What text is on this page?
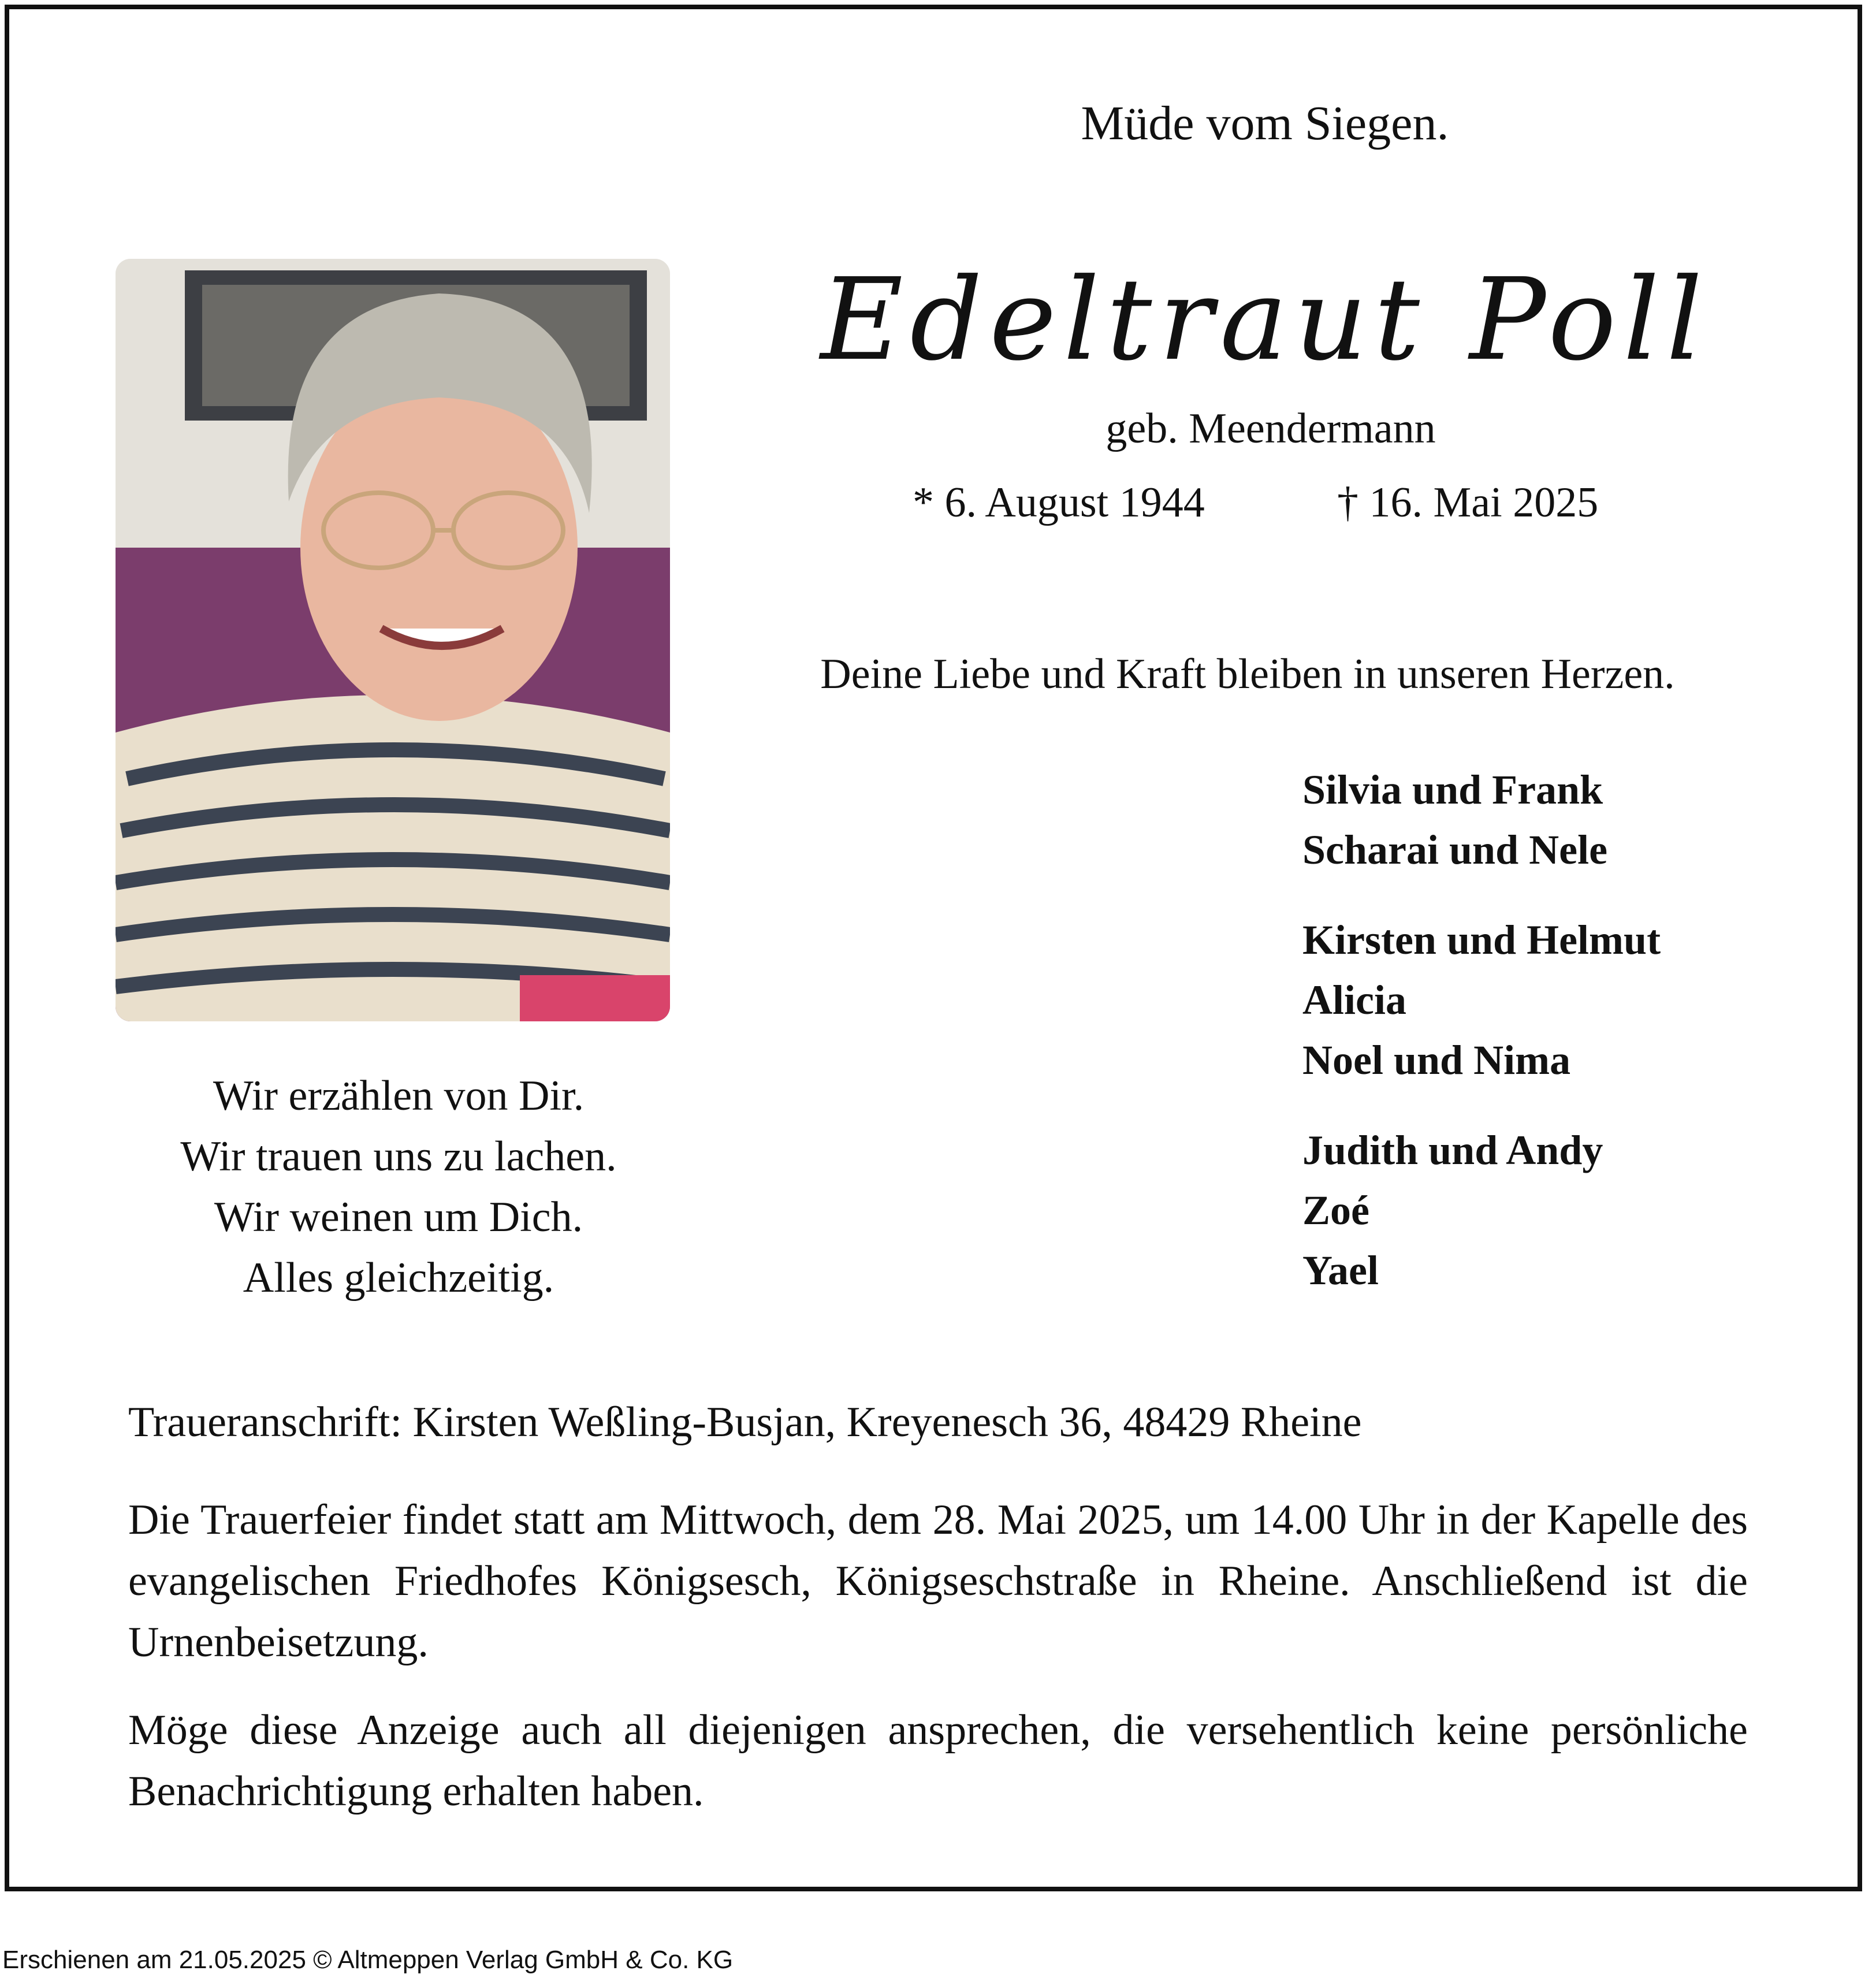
Müde vom Siegen.
Edeltraut Poll
geb. Meendermann
* 6. August 1944	† 16. Mai 2025
Deine Liebe und Kraft bleiben in unseren Herzen.
Wir erzählen von Dir.
Wir trauen uns zu lachen.
Wir weinen um Dich.
Alles gleichzeitig.
Silvia und Frank
Scharai und Nele
Kirsten und Helmut
Alicia
Noel und Nima
Judith und Andy
Zoé
Yael
Traueranschrift: Kirsten Weßling-Busjan, Kreyenesch 36, 48429 Rheine
Die Trauerfeier findet statt am Mittwoch, dem 28. Mai 2025, um 14.00 Uhr in der Kapelle des evangelischen Friedhofes Königsesch, Königseschstraße in Rheine. Anschließend ist die Urnenbeisetzung.
Möge diese Anzeige auch all diejenigen ansprechen, die versehentlich keine persönliche Benachrichtigung erhalten haben.
Erschienen am 21.05.2025 © Altmeppen Verlag GmbH & Co. KG
